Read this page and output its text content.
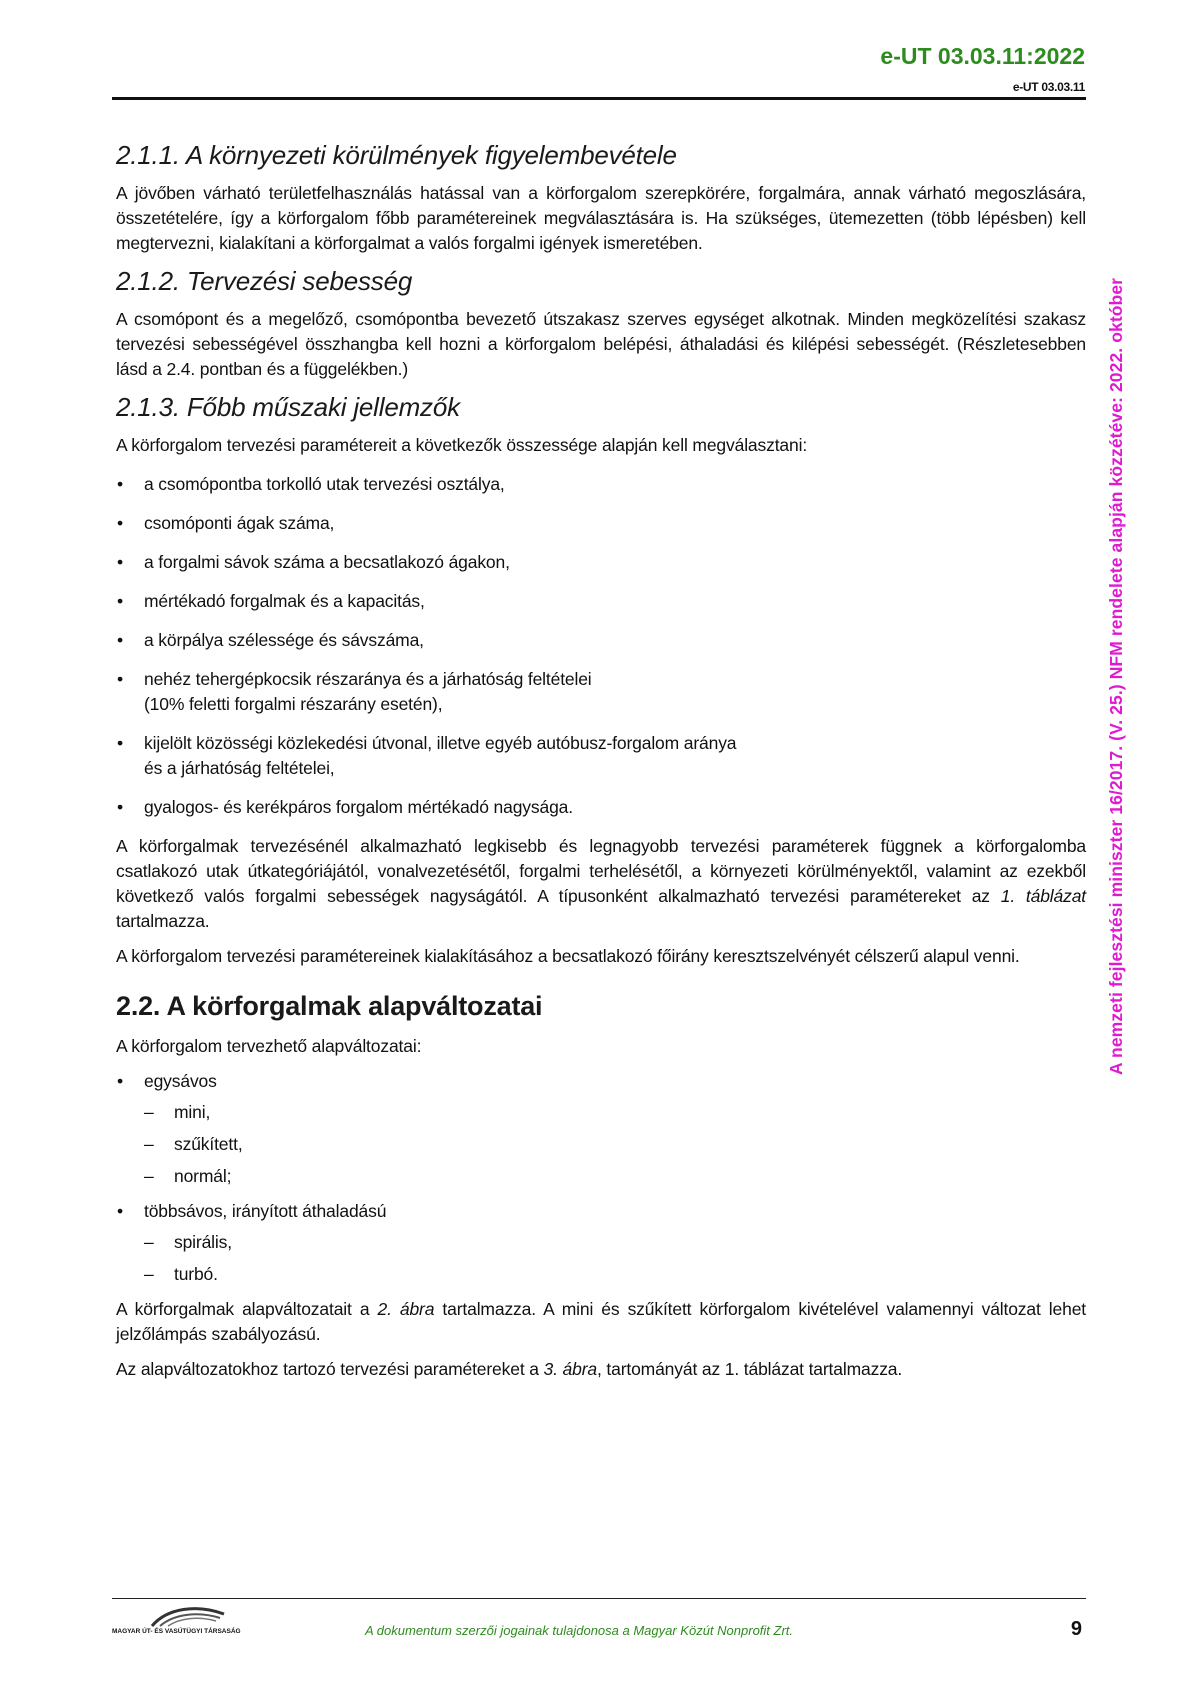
e-UT 03.03.11:2022
e-UT 03.03.11
A nemzeti fejlesztési miniszter 16/2017. (V. 25.) NFM rendelete alapján közzétéve: 2022. október
2.1.1. A környezeti körülmények figyelembevétele

A jövőben várható területfelhasználás hatással van a körforgalom szerepkörére, forgalmára, annak várható megoszlására, összetételére, így a körforgalom főbb paramétereinek megválasztására is. Ha szükséges, ütemezetten (több lépésben) kell megtervezni, kialakítani a körforgalmat a valós forgalmi igények ismeretében.

2.1.2. Tervezési sebesség

A csomópont és a megelőző, csomópontba bevezető útszakasz szerves egységet alkotnak. Minden megközelítési szakasz tervezési sebességével összhangba kell hozni a körforgalom belépési, áthaladási és kilépési sebességét. (Részletesebben lásd a 2.4. pontban és a függelékben.)

2.1.3. Főbb műszaki jellemzők

A körforgalom tervezési paramétereit a következők összessége alapján kell megválasztani:

• a csomópontba torkolló utak tervezési osztálya,
• csomóponti ágak száma,
• a forgalmi sávok száma a becsatlakozó ágakon,
• mértékadó forgalmak és a kapacitás,
• a körpálya szélessége és sávszáma,
• nehéz tehergépkocsik részaránya és a járhatóság feltételei
(10% feletti forgalmi részarány esetén),
• kijelölt közösségi közlekedési útvonal, illetve egyéb autóbusz-forgalom aránya
és a járhatóság feltételei,
• gyalogos- és kerékpáros forgalom mértékadó nagysága.

A körforgalmak tervezésénél alkalmazható legkisebb és legnagyobb tervezési paraméterek függnek a körforgalomba csatlakozó utak útkategóriájától, vonalvezetésétől, forgalmi terhelésétől, a környezeti körülményektől, valamint az ezekből következő valós forgalmi sebességek nagyságától. A típusonként alkalmazható tervezési paramétereket az 1. táblázat tartalmazza.

A körforgalom tervezési paramétereinek kialakításához a becsatlakozó főirány keresztszelvényét célszerű alapul venni.

2.2. A körforgalmak alapváltozatai

A körforgalom tervezhető alapváltozatai:

• egysávos
– mini,
– szűkített,
– normál;
• többsávos, irányított áthaladású
– spirális,
– turbó.

A körforgalmak alapváltozatait a 2. ábra tartalmazza. A mini és szűkített körforgalom kivételével valamennyi változat lehet jelzőlámpás szabályozású.

Az alapváltozatokhoz tartozó tervezési paramétereket a 3. ábra, tartományát az 1. táblázat tartalmazza.

MAGYAR ÚT- ÉS VASÚTÜGYI TÁRSASÁG	A dokumentum szerzői jogainak tulajdonosa a Magyar Közút Nonprofit Zrt.	9
